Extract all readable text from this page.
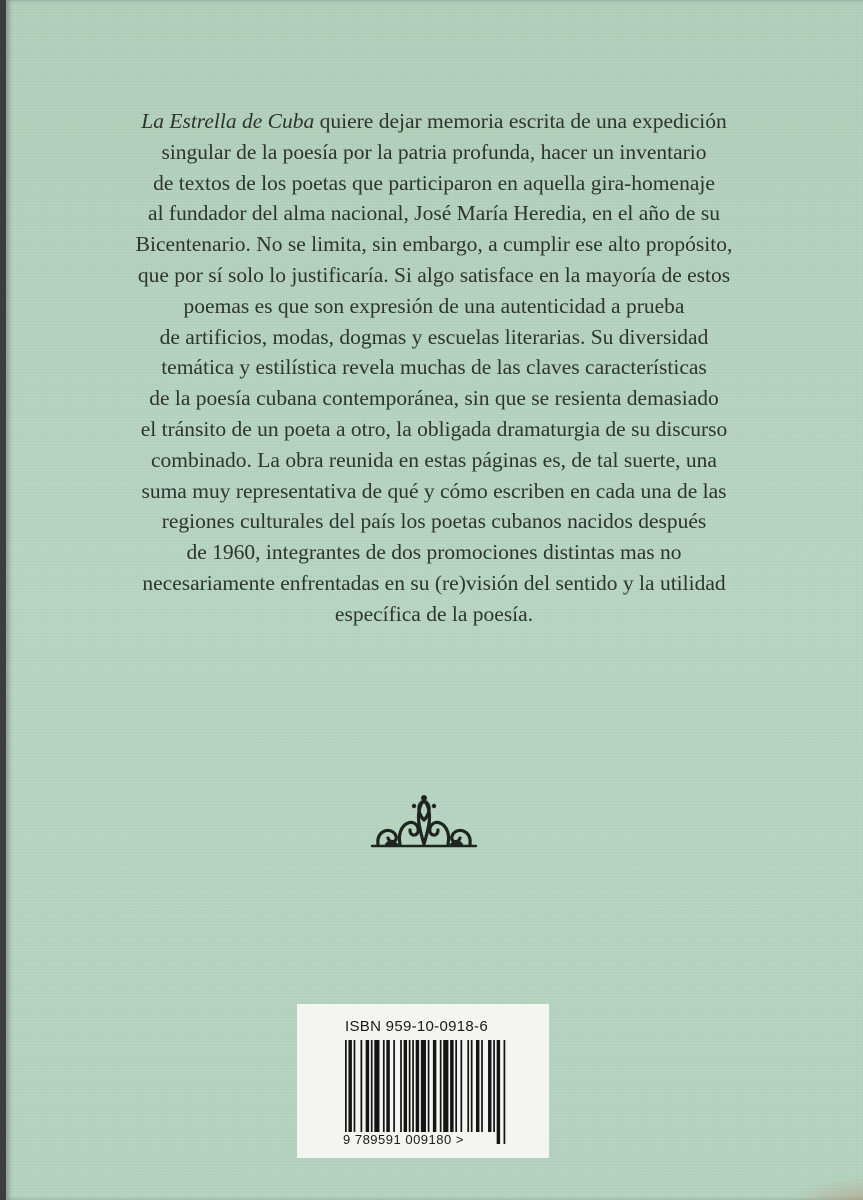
La Estrella de Cuba quiere dejar memoria escrita de una expedición
singular de la poesía por la patria profunda, hacer un inventario
de textos de los poetas que participaron en aquella gira-homenaje
al fundador del alma nacional, José María Heredia, en el año de su
Bicentenario. No se limita, sin embargo, a cumplir ese alto propósito,
que por sí solo lo justificaría. Si algo satisface en la mayoría de estos
poemas es que son expresión de una autenticidad a prueba
de artificios, modas, dogmas y escuelas literarias. Su diversidad
temática y estilística revela muchas de las claves características
de la poesía cubana contemporánea, sin que se resienta demasiado
el tránsito de un poeta a otro, la obligada dramaturgia de su discurso
combinado. La obra reunida en estas páginas es, de tal suerte, una
suma muy representativa de qué y cómo escriben en cada una de las
regiones culturales del país los poetas cubanos nacidos después
de 1960, integrantes de dos promociones distintas mas no
necesariamente enfrentadas en su (re)visión del sentido y la utilidad
específica de la poesía.

ISBN 959-10-0918-6
9 789591 009180 >
